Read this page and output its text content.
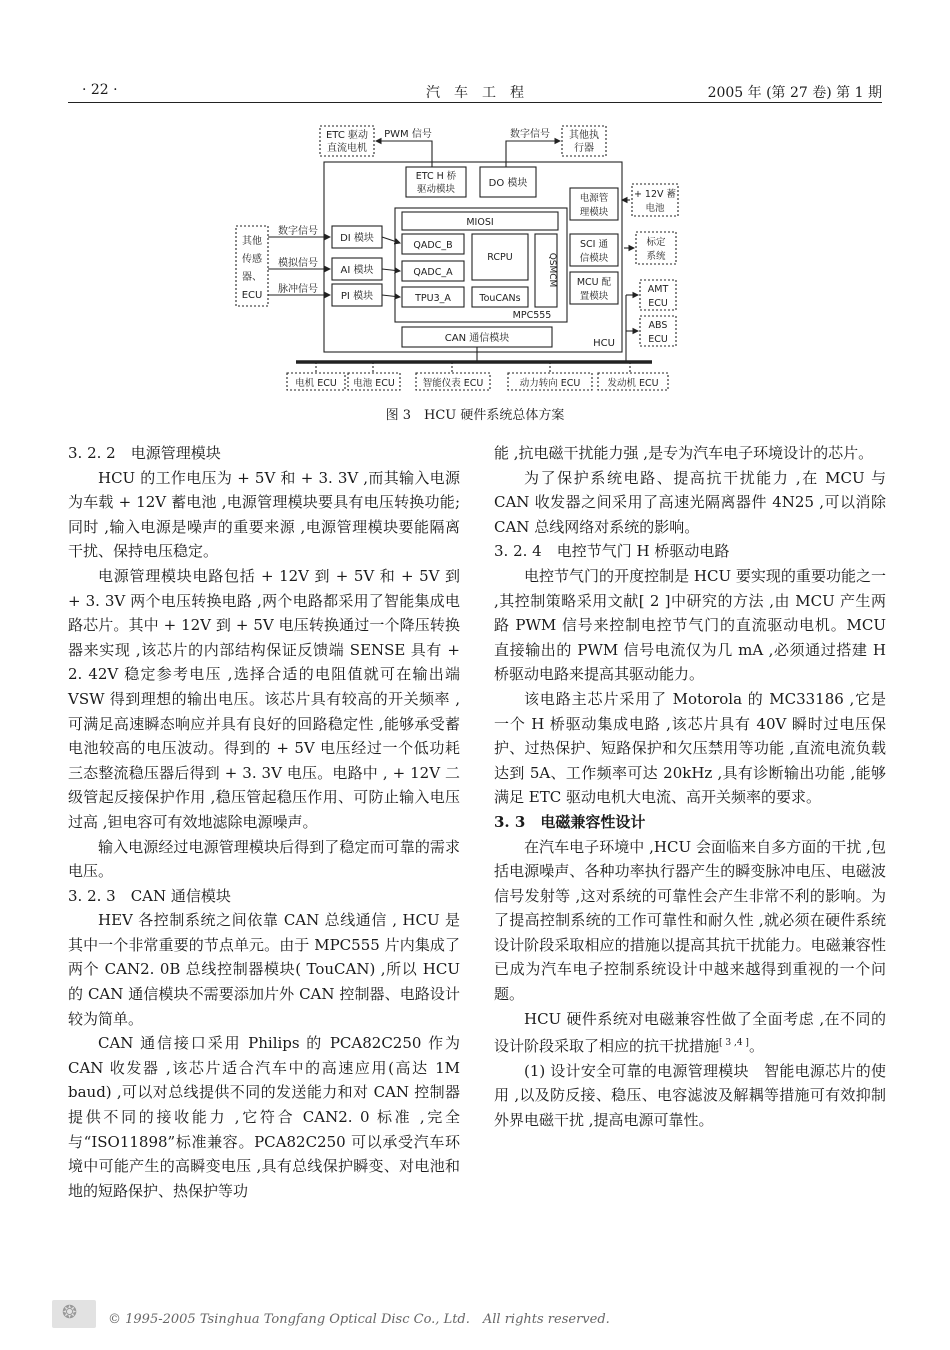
· 22 ·	汽　车　工　程	2005 年 (第 27 卷) 第 1 期
ETC 驱动
直流电机
其他执
行器
PWM 信号	数字信号
HCU
ETC H 桥
驱动模块
DO 模块
MPC555
MIOSI
QADC_B
QADC_A
TPU3_A
RCPU
TouCANs
QSMCM
DI 模块
AI 模块
PI 模块
其他
传感
器、
ECU
数字信号
模拟信号
脉冲信号
电源管
理模块
SCI 通
信模块
MCU 配
置模块
+ 12V 蓄
电池
标定
系统
AMT
ECU
ABS
ECU
CAN 通信模块
电机 ECU 电池 ECU	智能仪表 ECU	动力转向 ECU	发动机 ECU
图 3　HCU 硬件系统总体方案
3. 2. 2　电源管理模块

HCU 的工作电压为 + 5V 和 + 3. 3V ,而其输入电源为车载 + 12V 蓄电池 ,电源管理模块要具有电压转换功能;同时 ,输入电源是噪声的重要来源 ,电源管理模块要能隔离干扰、保持电压稳定。

电源管理模块电路包括 + 12V 到 + 5V 和 + 5V 到 + 3. 3V 两个电压转换电路 ,两个电路都采用了智能集成电路芯片。其中 + 12V 到 + 5V 电压转换通过一个降压转换器来实现 ,该芯片的内部结构保证反馈端 SENSE 具有 + 2. 42V 稳定参考电压 ,选择合适的电阻值就可在输出端 VSW 得到理想的输出电压。该芯片具有较高的开关频率 ,可满足高速瞬态响应并具有良好的回路稳定性 ,能够承受蓄电池较高的电压波动。得到的 + 5V 电压经过一个低功耗三态整流稳压器后得到 + 3. 3V 电压。电路中 , + 12V 二级管起反接保护作用 ,稳压管起稳压作用、可防止输入电压过高 ,钽电容可有效地滤除电源噪声。

输入电源经过电源管理模块后得到了稳定而可靠的需求电压。

3. 2. 3　CAN 通信模块

HEV 各控制系统之间依靠 CAN 总线通信 , HCU 是其中一个非常重要的节点单元。由于 MPC555 片内集成了两个 CAN2. 0B 总线控制器模块( TouCAN) ,所以 HCU 的 CAN 通信模块不需要添加片外 CAN 控制器、电路设计较为简单。

CAN 通信接口采用 Philips 的 PCA82C250 作为 CAN 收发器 ,该芯片适合汽车中的高速应用(高达 1M baud) ,可以对总线提供不同的发送能力和对 CAN 控制器提供不同的接收能力 ,它符合 CAN2. 0 标准 ,完全与“ISO11898”标准兼容。PCA82C250 可以承受汽车环境中可能产生的高瞬变电压 ,具有总线保护瞬变、对电池和地的短路保护、热保护等功

能 ,抗电磁干扰能力强 ,是专为汽车电子环境设计的芯片。

为了保护系统电路、提高抗干扰能力 ,在 MCU 与 CAN 收发器之间采用了高速光隔离器件 4N25 ,可以消除 CAN 总线网络对系统的影响。

3. 2. 4　电控节气门 H 桥驱动电路

电控节气门的开度控制是 HCU 要实现的重要功能之一 ,其控制策略采用文献[ 2 ]中研究的方法 ,由 MCU 产生两路 PWM 信号来控制电控节气门的直流驱动电机。MCU 直接输出的 PWM 信号电流仅为几 mA ,必须通过搭建 H 桥驱动电路来提高其驱动能力。

该电路主芯片采用了 Motorola 的 MC33186 ,它是一个 H 桥驱动集成电路 ,该芯片具有 40V 瞬时过电压保护、过热保护、短路保护和欠压禁用等功能 ,直流电流负载达到 5A、工作频率可达 20kHz ,具有诊断输出功能 ,能够满足 ETC 驱动电机大电流、高开关频率的要求。

3. 3　电磁兼容性设计

在汽车电子环境中 ,HCU 会面临来自多方面的干扰 ,包括电源噪声、各种功率执行器产生的瞬变脉冲电压、电磁波信号发射等 ,这对系统的可靠性会产生非常不利的影响。为了提高控制系统的工作可靠性和耐久性 ,就必须在硬件系统设计阶段采取相应的措施以提高其抗干扰能力。电磁兼容性已成为汽车电子控制系统设计中越来越得到重视的一个问题。

HCU 硬件系统对电磁兼容性做了全面考虑 ,在不同的设计阶段采取了相应的抗干扰措施[ 3 ,4 ]。

(1) 设计安全可靠的电源管理模块　智能电源芯片的使用 ,以及防反接、稳压、电容滤波及解耦等措施可有效抑制外界电磁干扰 ,提高电源可靠性。

❂ © 1995-2005 Tsinghua Tongfang Optical Disc Co., Ltd.　All rights reserved.
